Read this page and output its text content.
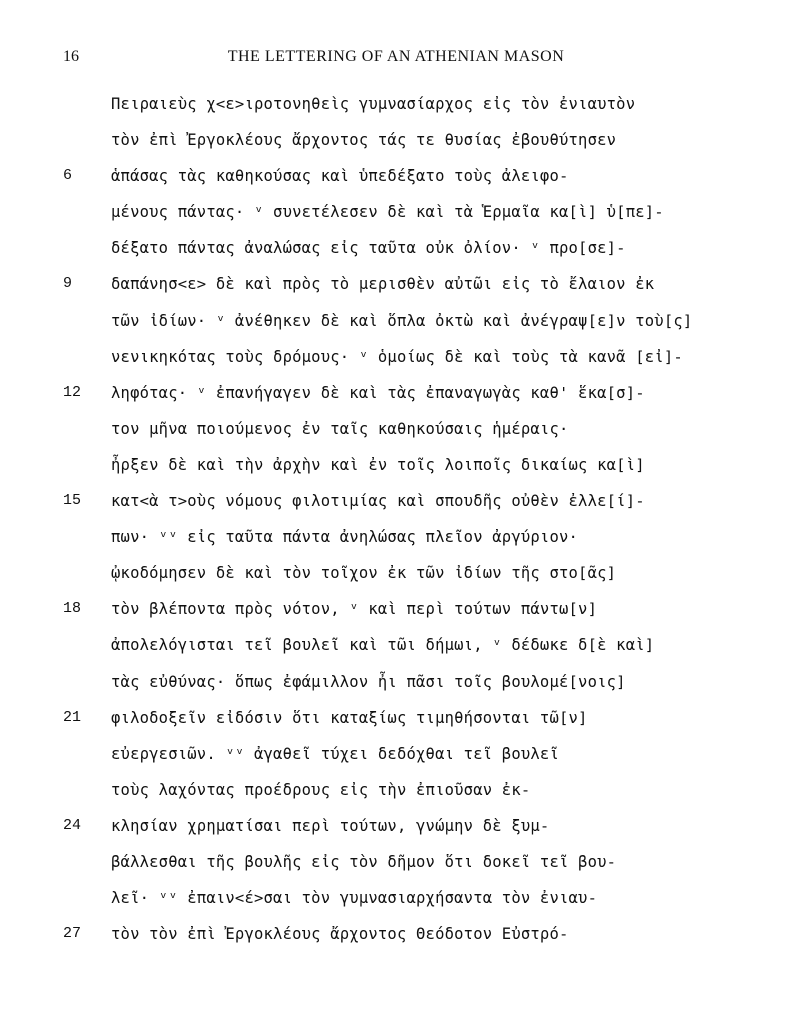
16	THE LETTERING OF AN ATHENIAN MASON
Πειραιεὺς χ<ε>ιροτονηθεὶς γυμνασίαρχος εἰς τὸν ἐνιαυτὸν
τὸν ἐπὶ Ἐργοκλέους ἄρχοντος τάς τε θυσίας ἐβουθύτησεν
6	ἁπάσας τὰς καθηκούσας καὶ ὑπεδέξατο τοὺς ἀλειφο-
μένους πάντας· ᵛ συνετέλεσεν δὲ καὶ τὰ Ἑρμαῖα κα[ὶ] ὑ[πε]-
δέξατο πάντας ἀναλώσας εἰς ταῦτα οὐκ ὀλίον· ᵛ προ[σε]-
9	δαπάνησ<ε> δὲ καὶ πρὸς τὸ μερισθὲν αὐτῶι εἰς τὸ ἔλαιον ἐκ
τῶν ἰδίων· ᵛ ἀνέθηκεν δὲ καὶ ὅπλα ὀκτὼ καὶ ἀνέγραψ[ε]ν τοὺ[ς]
νενικηκότας τοὺς δρόμους· ᵛ ὁμοίως δὲ καὶ τοὺς τὰ κανᾶ [εἰ]-
12 ληφότας· ᵛ ἐπανήγαγεν δὲ καὶ τὰς ἐπαναγωγὰς καθ' ἕκα[σ]-
τον μῆνα ποιούμενος ἐν ταῖς καθηκούσαις ἡμέραις·
ἦρξεν δὲ καὶ τὴν ἀρχὴν καὶ ἐν τοῖς λοιποῖς δικαίως κα[ὶ]
15 κατ<ὰ τ>οὺς νόμους φιλοτιμίας καὶ σπουδῆς οὐθὲν ἐλλε[ί]-
πων· ᵛᵛ εἰς ταῦτα πάντα ἀνηλώσας πλεῖον ἀργύριον·
ᾠκοδόμησεν δὲ καὶ τὸν τοῖχον ἐκ τῶν ἰδίων τῆς στο[ᾶς]
18 τὸν βλέποντα πρὸς νότον, ᵛ καὶ περὶ τούτων πάντω[ν]
ἀπολελόγισται τεῖ βουλεῖ καὶ τῶι δήμωι, ᵛ δέδωκε δ[ὲ καὶ]
τὰς εὐθύνας· ὅπως ἐφάμιλλον ἦι πᾶσι τοῖς βουλομέ[νοις]
21 φιλοδοξεῖν εἰδόσιν ὅτι καταξίως τιμηθήσονται τῶ[ν]
εὐεργεσιῶν. ᵛᵛ ἀγαθεῖ τύχει δεδόχθαι τεῖ βουλεῖ
τοὺς λαχόντας προέδρους εἰς τὴν ἐπιοῦσαν ἐκ-
24 κλησίαν χρηματίσαι περὶ τούτων, γνώμην δὲ ξυμ-
βάλλεσθαι τῆς βουλῆς εἰς τὸν δῆμον ὅτι δοκεῖ τεῖ βου-
λεῖ· ᵛᵛ ἐπαιν<έ>σαι τὸν γυμνασιαρχήσαντα τὸν ἐνιαυ-
27 τὸν τὸν ἐπὶ Ἐργοκλέους ἄρχοντος Θεόδοτον Εὐστρό-
